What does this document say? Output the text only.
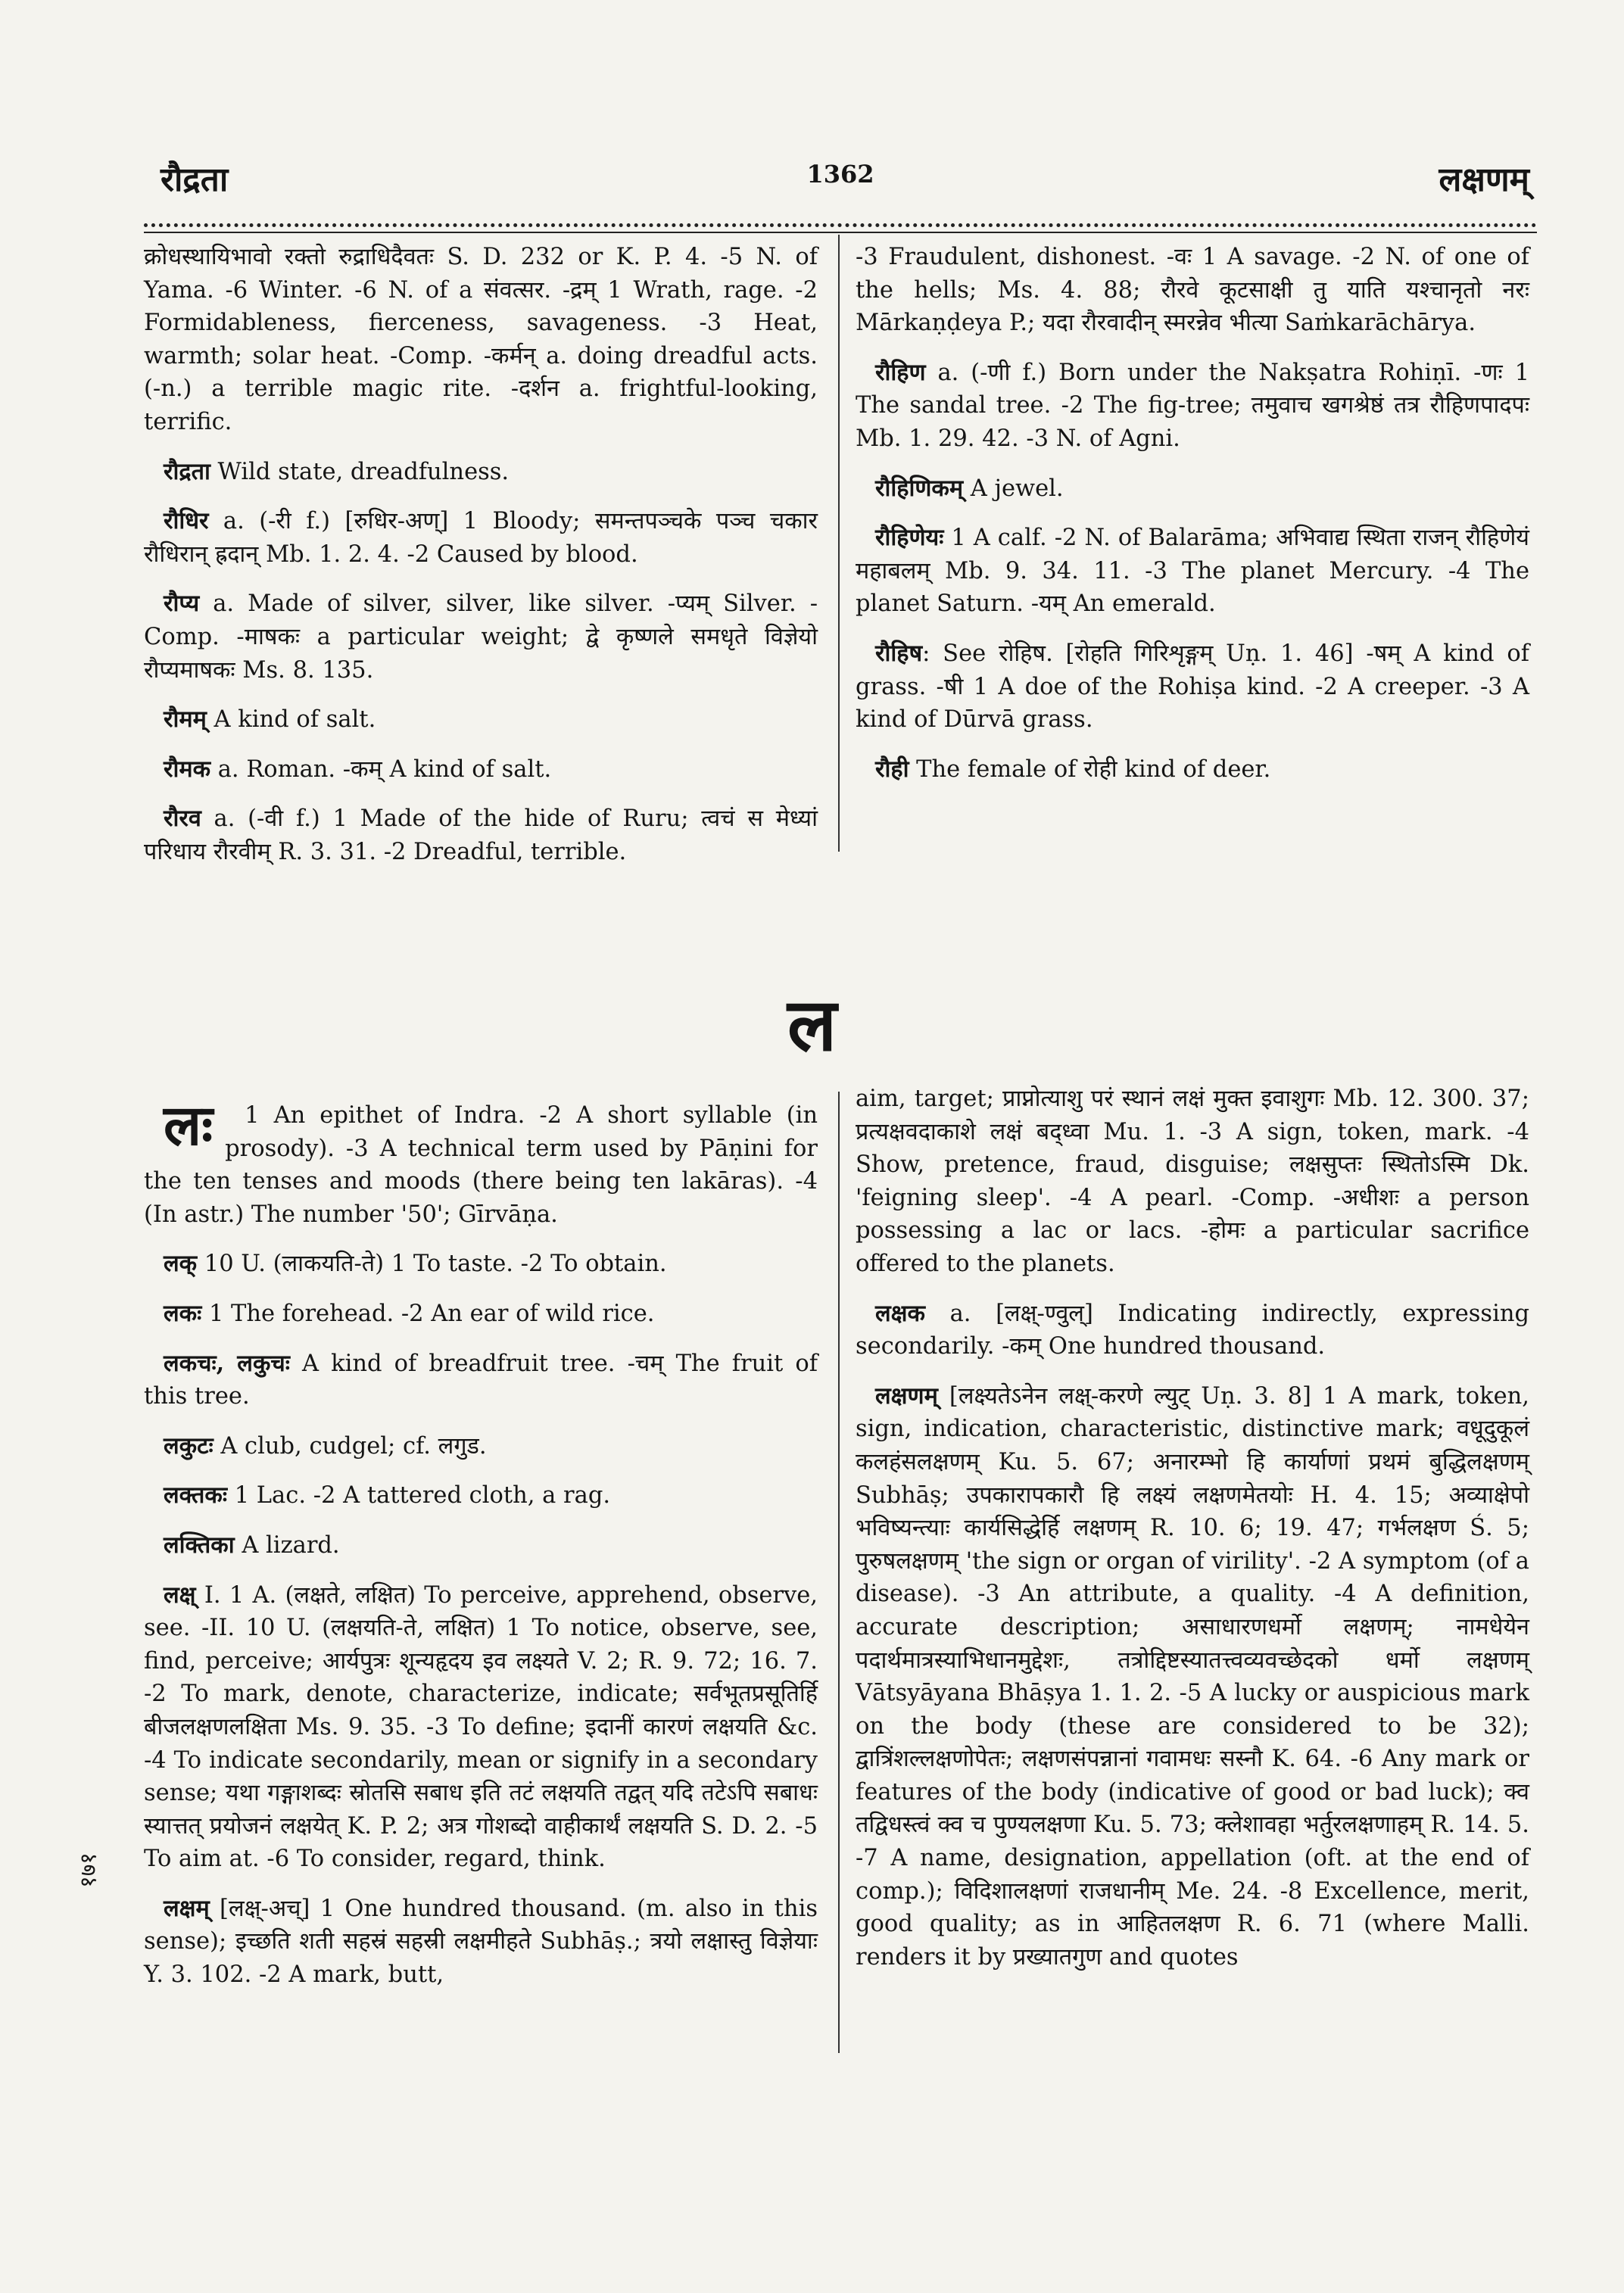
रौद्रता	1362	लक्षणम्

क्रोधस्थायिभावो रक्तो रुद्राधिदैवतः S. D. 232 or K. P. 4. -5 N. of Yama. -6 Winter. -6 N. of a संवत्सर. -द्रम् 1 Wrath, rage. -2 Formidableness, fierceness, savageness. -3 Heat, warmth; solar heat. -Comp. -कर्मन् a. doing dreadful acts. (-n.) a terrible magic rite. -दर्शन a. frightful-looking, terrific.

रौद्रता Wild state, dreadfulness.

रौधिर a. (-री f.) [रुधिर-अण्] 1 Bloody; समन्तपञ्चके पञ्च चकार रौधिरान् ह्रदान् Mb. 1. 2. 4. -2 Caused by blood.

रौप्य a. Made of silver, silver, like silver. -प्यम् Silver. -Comp. -माषकः a particular weight; द्वे कृष्णले समधृते विज्ञेयो रौप्यमाषकः Ms. 8. 135.

रौमम् A kind of salt.

रौमक a. Roman. -कम् A kind of salt.

रौरव a. (-वी f.) 1 Made of the hide of Ruru; त्वचं स मेध्यां परिधाय रौरवीम् R. 3. 31. -2 Dreadful, terrible.

-3 Fraudulent, dishonest. -वः 1 A savage. -2 N. of one of the hells; Ms. 4. 88; रौरवे कूटसाक्षी तु याति यश्चानृतो नरः Mārkaṇḍeya P.; यदा रौरवादीन् स्मरन्नेव भीत्या Saṁkarāchārya.

रौहिण a. (-णी f.) Born under the Nakṣatra Rohiṇī. -णः 1 The sandal tree. -2 The fig-tree; तमुवाच खगश्रेष्ठं तत्र रौहिणपादपः Mb. 1. 29. 42. -3 N. of Agni.

रौहिणिकम् A jewel.

रौहिणेयः 1 A calf. -2 N. of Balarāma; अभिवाद्य स्थिता राजन् रौहिणेयं महाबलम् Mb. 9. 34. 11. -3 The planet Mercury. -4 The planet Saturn. -यम् An emerald.

रौहिष: See रोहिष. [रोहति गिरिशृङ्गम् Uṇ. 1. 46] -षम् A kind of grass. -षी 1 A doe of the Rohiṣa kind. -2 A creeper. -3 A kind of Dūrvā grass.

रौही The female of रोही kind of deer.

ल

लः 1 An epithet of Indra. -2 A short syllable (in prosody). -3 A technical term used by Pāṇini for the ten tenses and moods (there being ten lakāras). -4 (In astr.) The number '50'; Gīrvāṇa.

लक् 10 U. (लाकयति-ते) 1 To taste. -2 To obtain.

लकः 1 The forehead. -2 An ear of wild rice.

लकचः, लकुचः A kind of breadfruit tree. -चम् The fruit of this tree.

लकुटः A club, cudgel; cf. लगुड.

लक्तकः 1 Lac. -2 A tattered cloth, a rag.

लक्तिका A lizard.

लक्ष् I. 1 A. (लक्षते, लक्षित) To perceive, apprehend, observe, see. -II. 10 U. (लक्षयति-ते, लक्षित) 1 To notice, observe, see, find, perceive; आर्यपुत्रः शून्यहृदय इव लक्ष्यते V. 2; R. 9. 72; 16. 7. -2 To mark, denote, characterize, indicate; सर्वभूतप्रसूतिर्हि बीजलक्षणलक्षिता Ms. 9. 35. -3 To define; इदानीं कारणं लक्षयति &c. -4 To indicate secondarily, mean or signify in a secondary sense; यथा गङ्गाशब्दः स्रोतसि सबाध इति तटं लक्षयति तद्वत् यदि तटेऽपि सबाधः स्यात्तत् प्रयोजनं लक्षयेत् K. P. 2; अत्र गोशब्दो वाहीकार्थं लक्षयति S. D. 2. -5 To aim at. -6 To consider, regard, think.

लक्षम् [लक्ष्-अच्] 1 One hundred thousand. (m. also in this sense); इच्छति शती सहस्रं सहस्री लक्षमीहते Subhāṣ.; त्रयो लक्षास्तु विज्ञेयाः Y. 3. 102. -2 A mark, butt,

aim, target; प्राप्नोत्याशु परं स्थानं लक्षं मुक्त इवाशुगः Mb. 12. 300. 37; प्रत्यक्षवदाकाशे लक्षं बद्ध्वा Mu. 1. -3 A sign, token, mark. -4 Show, pretence, fraud, disguise; लक्षसुप्तः स्थितोऽस्मि Dk. 'feigning sleep'. -4 A pearl. -Comp. -अधीशः a person possessing a lac or lacs. -होमः a particular sacrifice offered to the planets.

लक्षक a. [लक्ष्-ण्वुल्] Indicating indirectly, expressing secondarily. -कम् One hundred thousand.

लक्षणम् [लक्ष्यतेऽनेन लक्ष्-करणे ल्युट् Uṇ. 3. 8] 1 A mark, token, sign, indication, characteristic, distinctive mark; वधूदुकूलं कलहंसलक्षणम् Ku. 5. 67; अनारम्भो हि कार्याणां प्रथमं बुद्धिलक्षणम् Subhāṣ; उपकारापकारौ हि लक्ष्यं लक्षणमेतयोः H. 4. 15; अव्याक्षेपो भविष्यन्त्याः कार्यसिद्धेर्हि लक्षणम् R. 10. 6; 19. 47; गर्भलक्षण Ś. 5; पुरुषलक्षणम् 'the sign or organ of virility'. -2 A symptom (of a disease). -3 An attribute, a quality. -4 A definition, accurate description; असाधारणधर्मो लक्षणम्; नामधेयेन पदार्थमात्रस्याभिधानमुद्देशः, तत्रोद्दिष्टस्यातत्त्वव्यवच्छेदको धर्मो लक्षणम् Vātsyāyana Bhāṣya 1. 1. 2. -5 A lucky or auspicious mark on the body (these are considered to be 32); द्वात्रिंशल्लक्षणोपेतः; लक्षणसंपन्नानां गवामधः सस्नौ K. 64. -6 Any mark or features of the body (indicative of good or bad luck); क्व तद्विधस्त्वं क्व च पुण्यलक्षणा Ku. 5. 73; क्लेशावहा भर्तुरलक्षणाहम् R. 14. 5. -7 A name, designation, appellation (oft. at the end of comp.); विदिशालक्षणां राजधानीम् Me. 24. -8 Excellence, merit, good quality; as in आहितलक्षण R. 6. 71 (where Malli. renders it by प्रख्यातगुण and quotes

१७१
